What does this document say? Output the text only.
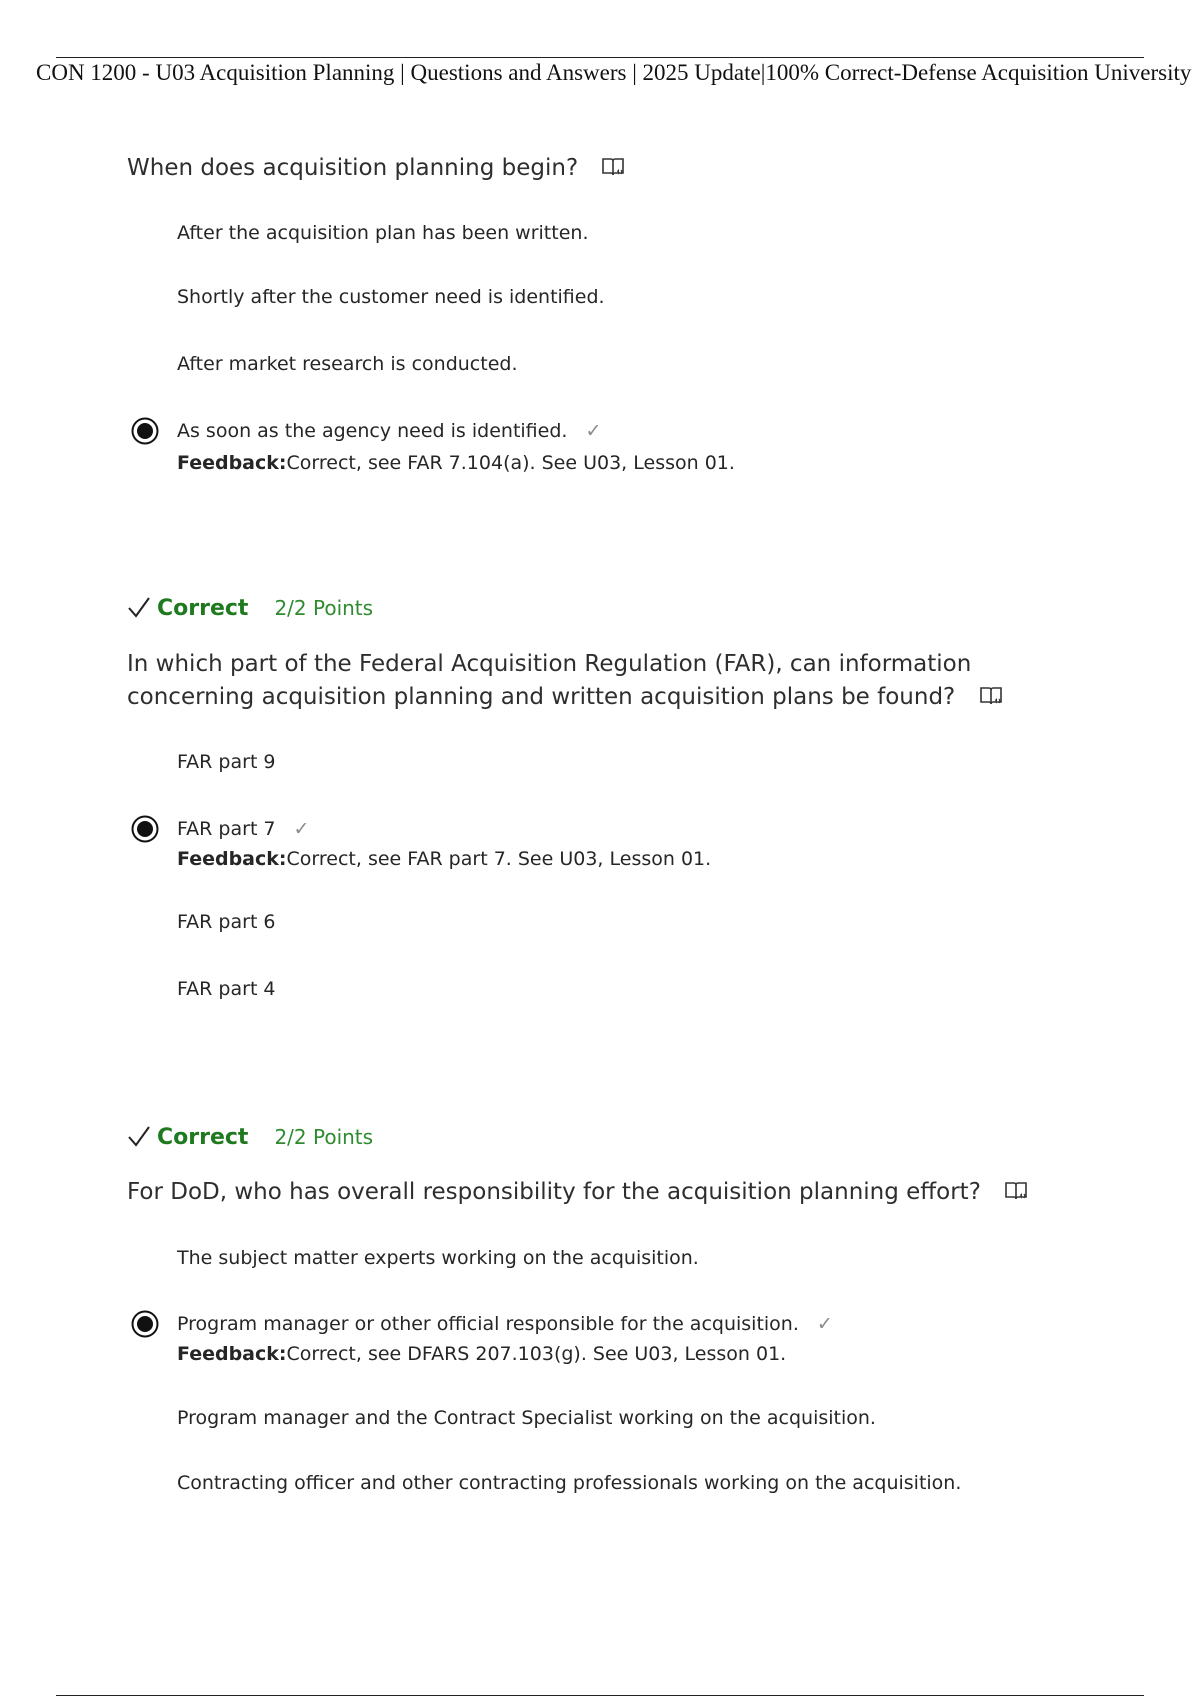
CON 1200 - U03 Acquisition Planning | Questions and Answers | 2025 Update|100% Correct-Defense Acquisition University
When does acquisition planning begin?
After the acquisition plan has been written.
Shortly after the customer need is identified.
After market research is conducted.
As soon as the agency need is identified. ✓
Feedback:Correct, see FAR 7.104(a). See U03, Lesson 01.
Correct 2/2 Points
In which part of the Federal Acquisition Regulation (FAR), can information concerning acquisition planning and written acquisition plans be found?
FAR part 9
FAR part 7 ✓
Feedback:Correct, see FAR part 7. See U03, Lesson 01.
FAR part 6
FAR part 4
Correct 2/2 Points
For DoD, who has overall responsibility for the acquisition planning effort?
The subject matter experts working on the acquisition.
Program manager or other official responsible for the acquisition. ✓
Feedback:Correct, see DFARS 207.103(g). See U03, Lesson 01.
Program manager and the Contract Specialist working on the acquisition.
Contracting officer and other contracting professionals working on the acquisition.
